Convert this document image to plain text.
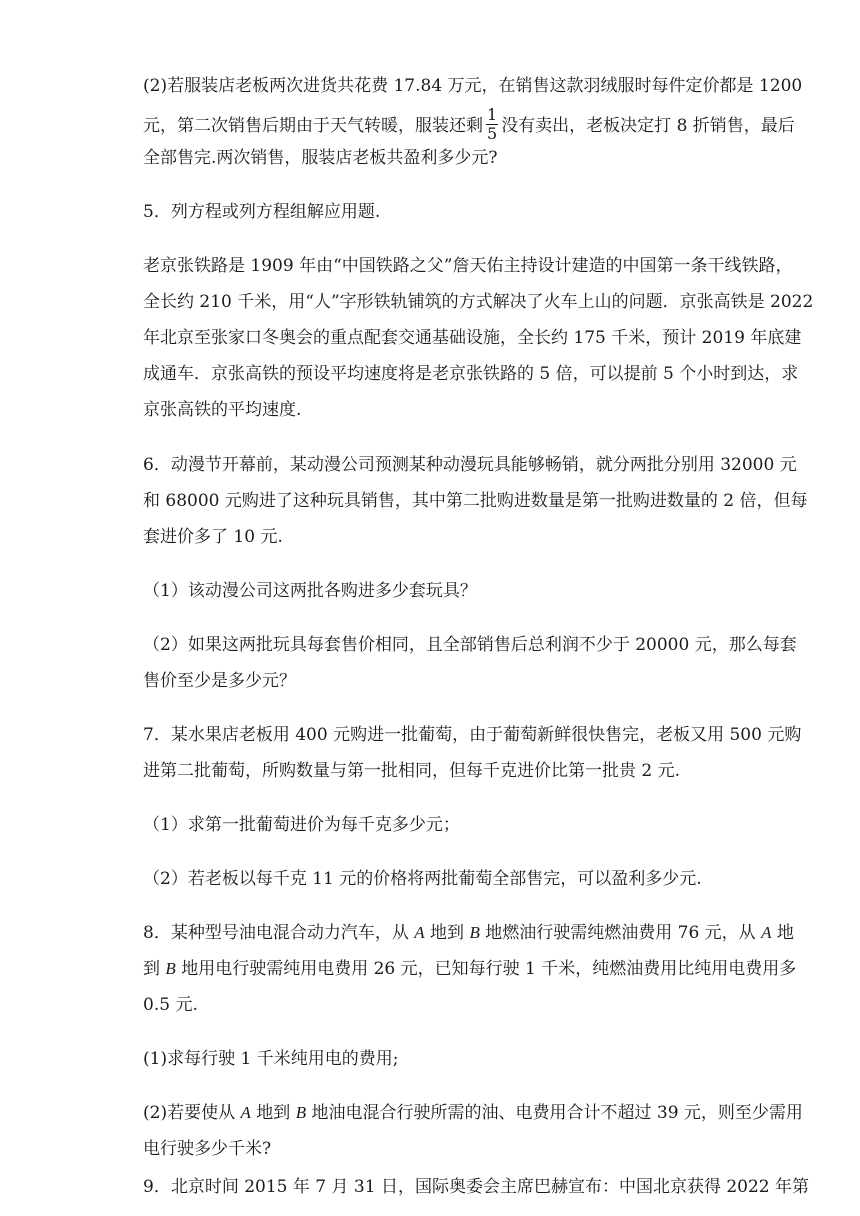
(2)若服装店老板两次进货共花费 17.84 万元，在销售这款羽绒服时每件定价都是 1200
元，第二次销售后期由于天气转暖，服装还剩 $\frac{1}{5}$ 没有卖出，老板决定打 8 折销售，最后
全部售完.两次销售，服装店老板共盈利多少元?
5．列方程或列方程组解应用题.
老京张铁路是 1909 年由“中国铁路之父”詹天佑主持设计建造的中国第一条干线铁路，
全长约 210 千米，用“人”字形铁轨铺筑的方式解决了火车上山的问题．京张高铁是 2022
年北京至张家口冬奥会的重点配套交通基础设施，全长约 175 千米，预计 2019 年底建
成通车．京张高铁的预设平均速度将是老京张铁路的 5 倍，可以提前 5 个小时到达，求
京张高铁的平均速度.
6．动漫节开幕前，某动漫公司预测某种动漫玩具能够畅销，就分两批分别用 32000 元
和 68000 元购进了这种玩具销售，其中第二批购进数量是第一批购进数量的 2 倍，但每
套进价多了 10 元.
（1）该动漫公司这两批各购进多少套玩具？
（2）如果这两批玩具每套售价相同，且全部销售后总利润不少于 20000 元，那么每套
售价至少是多少元？
7．某水果店老板用 400 元购进一批葡萄，由于葡萄新鲜很快售完，老板又用 500 元购
进第二批葡萄，所购数量与第一批相同，但每千克进价比第一批贵 2 元.
（1）求第一批葡萄进价为每千克多少元；
（2）若老板以每千克 11 元的价格将两批葡萄全部售完，可以盈利多少元.
8．某种型号油电混合动力汽车，从 A 地到 B 地燃油行驶需纯燃油费用 76 元，从 A 地
到 B 地用电行驶需纯用电费用 26 元，已知每行驶 1 千米，纯燃油费用比纯用电费用多
0.5 元.
(1)求每行驶 1 千米纯用电的费用;
(2)若要使从 A 地到 B 地油电混合行驶所需的油、电费用合计不超过 39 元，则至少需用
电行驶多少千米?
9．北京时间 2015 年 7 月 31 日，国际奥委会主席巴赫宣布：中国北京获得 2022 年第
